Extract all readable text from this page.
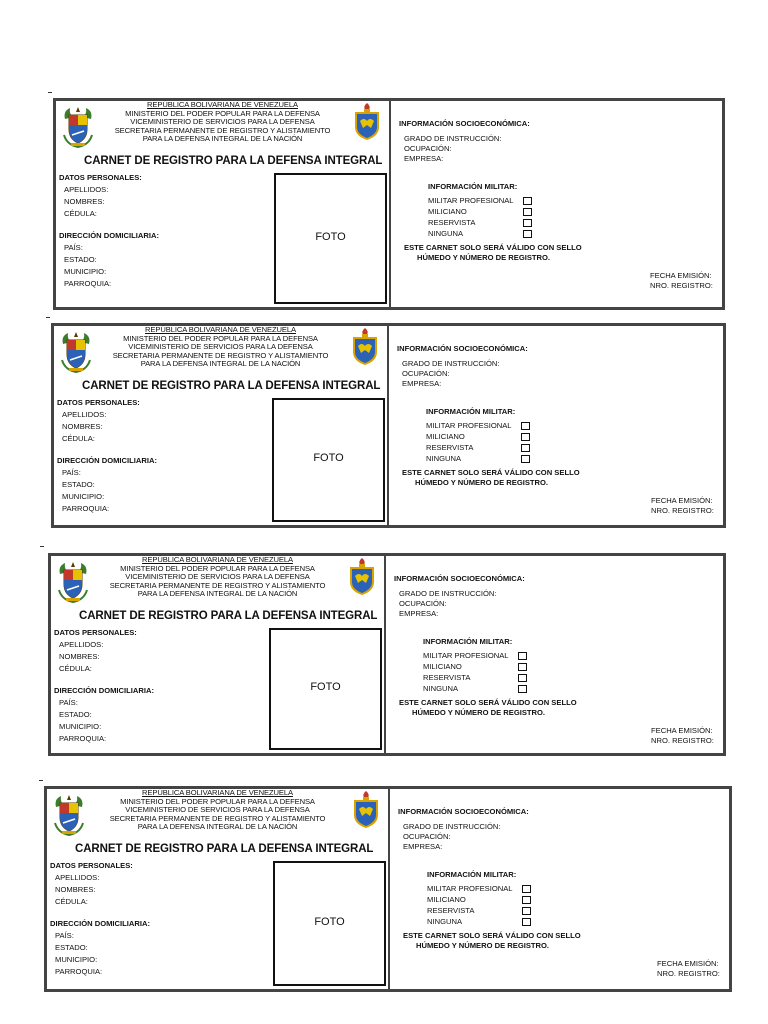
REPÚBLICA BOLIVARIANA DE VENEZUELA
MINISTERIO DEL PODER POPULAR PARA LA DEFENSA
VICEMINISTERIO DE SERVICIOS PARA LA DEFENSA
SECRETARIA PERMANENTE DE REGISTRO Y ALISTAMIENTO
PARA LA DEFENSA INTEGRAL DE LA NACIÓN
CARNET DE REGISTRO PARA LA DEFENSA INTEGRAL
DATOS PERSONALES:
APELLIDOS:
NOMBRES:
CÉDULA:
DIRECCIÓN DOMICILIARIA:
PAÍS:
ESTADO:
MUNICIPIO:
PARROQUIA:
FOTO
INFORMACIÓN SOCIOECONÓMICA:
GRADO DE INSTRUCCIÓN:
OCUPACIÓN:
EMPRESA:
INFORMACIÓN MILITAR:
MILITAR PROFESIONAL
MILICIANO
RESERVISTA
NINGUNA
ESTE CARNET SOLO SERÁ VÁLIDO CON SELLO
HÚMEDO Y NÚMERO DE REGISTRO.
FECHA EMISIÓN:
NRO. REGISTRO:
REPÚBLICA BOLIVARIANA DE VENEZUELA
MINISTERIO DEL PODER POPULAR PARA LA DEFENSA
VICEMINISTERIO DE SERVICIOS PARA LA DEFENSA
SECRETARIA PERMANENTE DE REGISTRO Y ALISTAMIENTO
PARA LA DEFENSA INTEGRAL DE LA NACIÓN
CARNET DE REGISTRO PARA LA DEFENSA INTEGRAL
DATOS PERSONALES:
APELLIDOS:
NOMBRES:
CÉDULA:
DIRECCIÓN DOMICILIARIA:
PAÍS:
ESTADO:
MUNICIPIO:
PARROQUIA:
FOTO
INFORMACIÓN SOCIOECONÓMICA:
GRADO DE INSTRUCCIÓN:
OCUPACIÓN:
EMPRESA:
INFORMACIÓN MILITAR:
MILITAR PROFESIONAL
MILICIANO
RESERVISTA
NINGUNA
ESTE CARNET SOLO SERÁ VÁLIDO CON SELLO
HÚMEDO Y NÚMERO DE REGISTRO.
FECHA EMISIÓN:
NRO. REGISTRO:
REPÚBLICA BOLIVARIANA DE VENEZUELA
MINISTERIO DEL PODER POPULAR PARA LA DEFENSA
VICEMINISTERIO DE SERVICIOS PARA LA DEFENSA
SECRETARIA PERMANENTE DE REGISTRO Y ALISTAMIENTO
PARA LA DEFENSA INTEGRAL DE LA NACIÓN
CARNET DE REGISTRO PARA LA DEFENSA INTEGRAL
DATOS PERSONALES:
APELLIDOS:
NOMBRES:
CÉDULA:
DIRECCIÓN DOMICILIARIA:
PAÍS:
ESTADO:
MUNICIPIO:
PARROQUIA:
FOTO
INFORMACIÓN SOCIOECONÓMICA:
GRADO DE INSTRUCCIÓN:
OCUPACIÓN:
EMPRESA:
INFORMACIÓN MILITAR:
MILITAR PROFESIONAL
MILICIANO
RESERVISTA
NINGUNA
ESTE CARNET SOLO SERÁ VÁLIDO CON SELLO
HÚMEDO Y NÚMERO DE REGISTRO.
FECHA EMISIÓN:
NRO. REGISTRO:
REPÚBLICA BOLIVARIANA DE VENEZUELA
MINISTERIO DEL PODER POPULAR PARA LA DEFENSA
VICEMINISTERIO DE SERVICIOS PARA LA DEFENSA
SECRETARIA PERMANENTE DE REGISTRO Y ALISTAMIENTO
PARA LA DEFENSA INTEGRAL DE LA NACIÓN
CARNET DE REGISTRO PARA LA DEFENSA INTEGRAL
DATOS PERSONALES:
APELLIDOS:
NOMBRES:
CÉDULA:
DIRECCIÓN DOMICILIARIA:
PAÍS:
ESTADO:
MUNICIPIO:
PARROQUIA:
FOTO
INFORMACIÓN SOCIOECONÓMICA:
GRADO DE INSTRUCCIÓN:
OCUPACIÓN:
EMPRESA:
INFORMACIÓN MILITAR:
MILITAR PROFESIONAL
MILICIANO
RESERVISTA
NINGUNA
ESTE CARNET SOLO SERÁ VÁLIDO CON SELLO
HÚMEDO Y NÚMERO DE REGISTRO.
FECHA EMISIÓN:
NRO. REGISTRO:
